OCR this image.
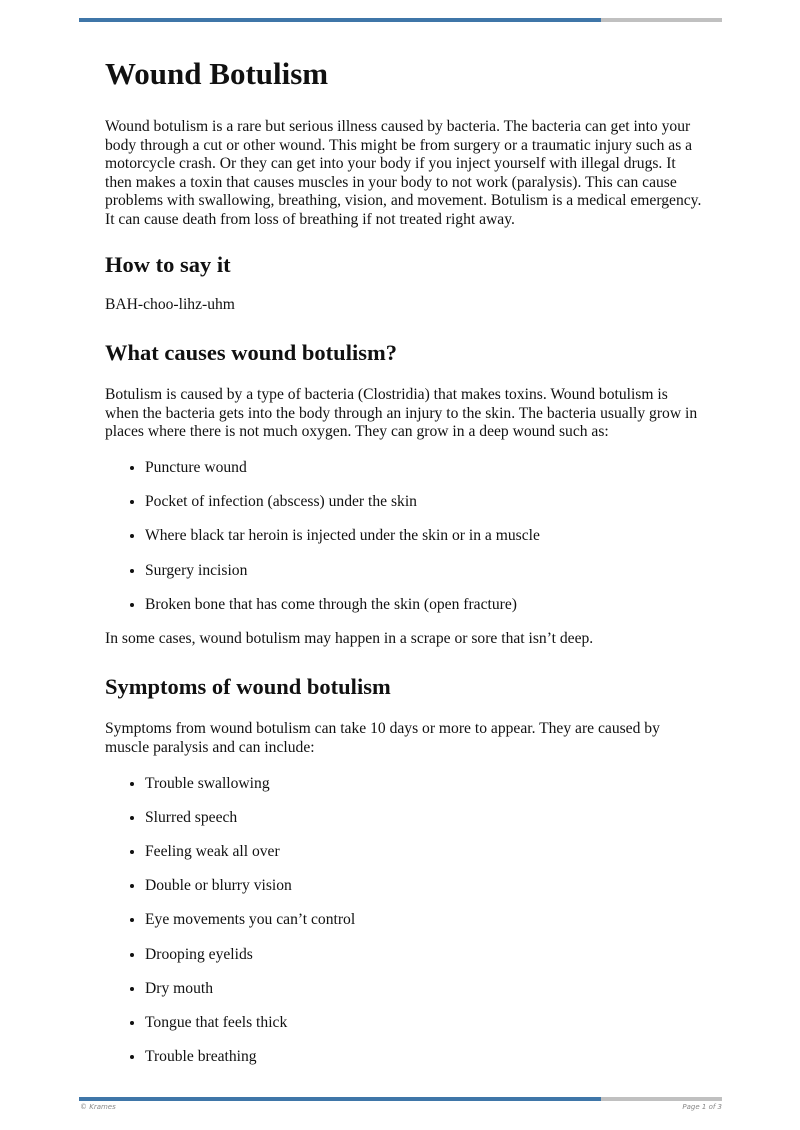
Wound Botulism

Wound botulism is a rare but serious illness caused by bacteria. The bacteria can get into your body through a cut or other wound. This might be from surgery or a traumatic injury such as a motorcycle crash. Or they can get into your body if you inject yourself with illegal drugs. It then makes a toxin that causes muscles in your body to not work (paralysis). This can cause problems with swallowing, breathing, vision, and movement. Botulism is a medical emergency. It can cause death from loss of breathing if not treated right away.

How to say it

BAH-choo-lihz-uhm

What causes wound botulism?

Botulism is caused by a type of bacteria (Clostridia) that makes toxins. Wound botulism is when the bacteria gets into the body through an injury to the skin. The bacteria usually grow in places where there is not much oxygen. They can grow in a deep wound such as:

• Puncture wound
• Pocket of infection (abscess) under the skin
• Where black tar heroin is injected under the skin or in a muscle
• Surgery incision
• Broken bone that has come through the skin (open fracture)

In some cases, wound botulism may happen in a scrape or sore that isn’t deep.

Symptoms of wound botulism

Symptoms from wound botulism can take 10 days or more to appear. They are caused by muscle paralysis and can include:

• Trouble swallowing
• Slurred speech
• Feeling weak all over
• Double or blurry vision
• Eye movements you can’t control
• Drooping eyelids
• Dry mouth
• Tongue that feels thick
• Trouble breathing
© Krames	Page 1 of 3
